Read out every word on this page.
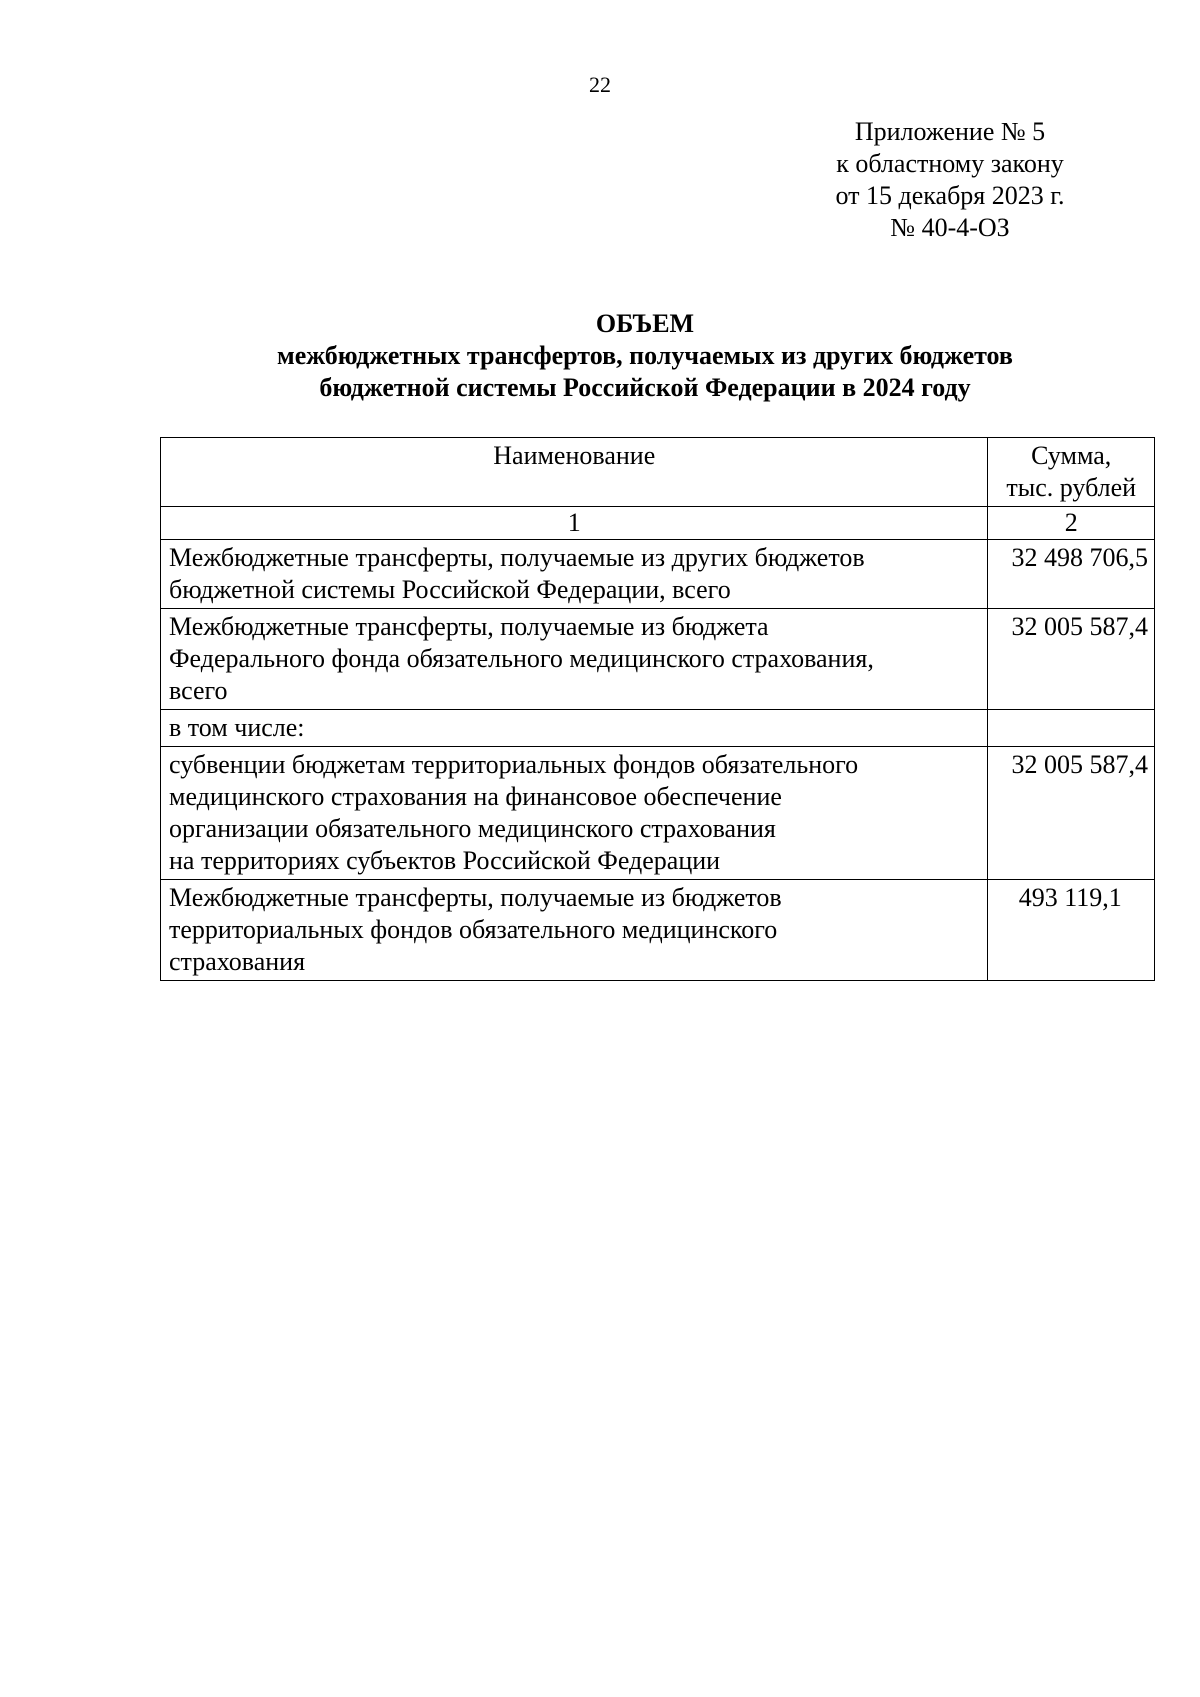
22
Приложение № 5
к областному закону
от 15 декабря 2023 г.
№ 40-4-ОЗ
ОБЪЕМ
межбюджетных трансфертов, получаемых из других бюджетов
бюджетной системы Российской Федерации в 2024 году
Наименование	Сумма,
тыс. рублей

1	2

Межбюджетные трансферты, получаемые из других бюджетов
бюджетной системы Российской Федерации, всего	32 498 706,5

Межбюджетные трансферты, получаемые из бюджета
Федерального фонда обязательного медицинского страхования,
всего	32 005 587,4

в том числе:	

субвенции бюджетам территориальных фондов обязательного
медицинского страхования на финансовое обеспечение
организации обязательного медицинского страхования
на территориях субъектов Российской Федерации	32 005 587,4

Межбюджетные трансферты, получаемые из бюджетов
территориальных фондов обязательного медицинского
страхования	493 119,1
